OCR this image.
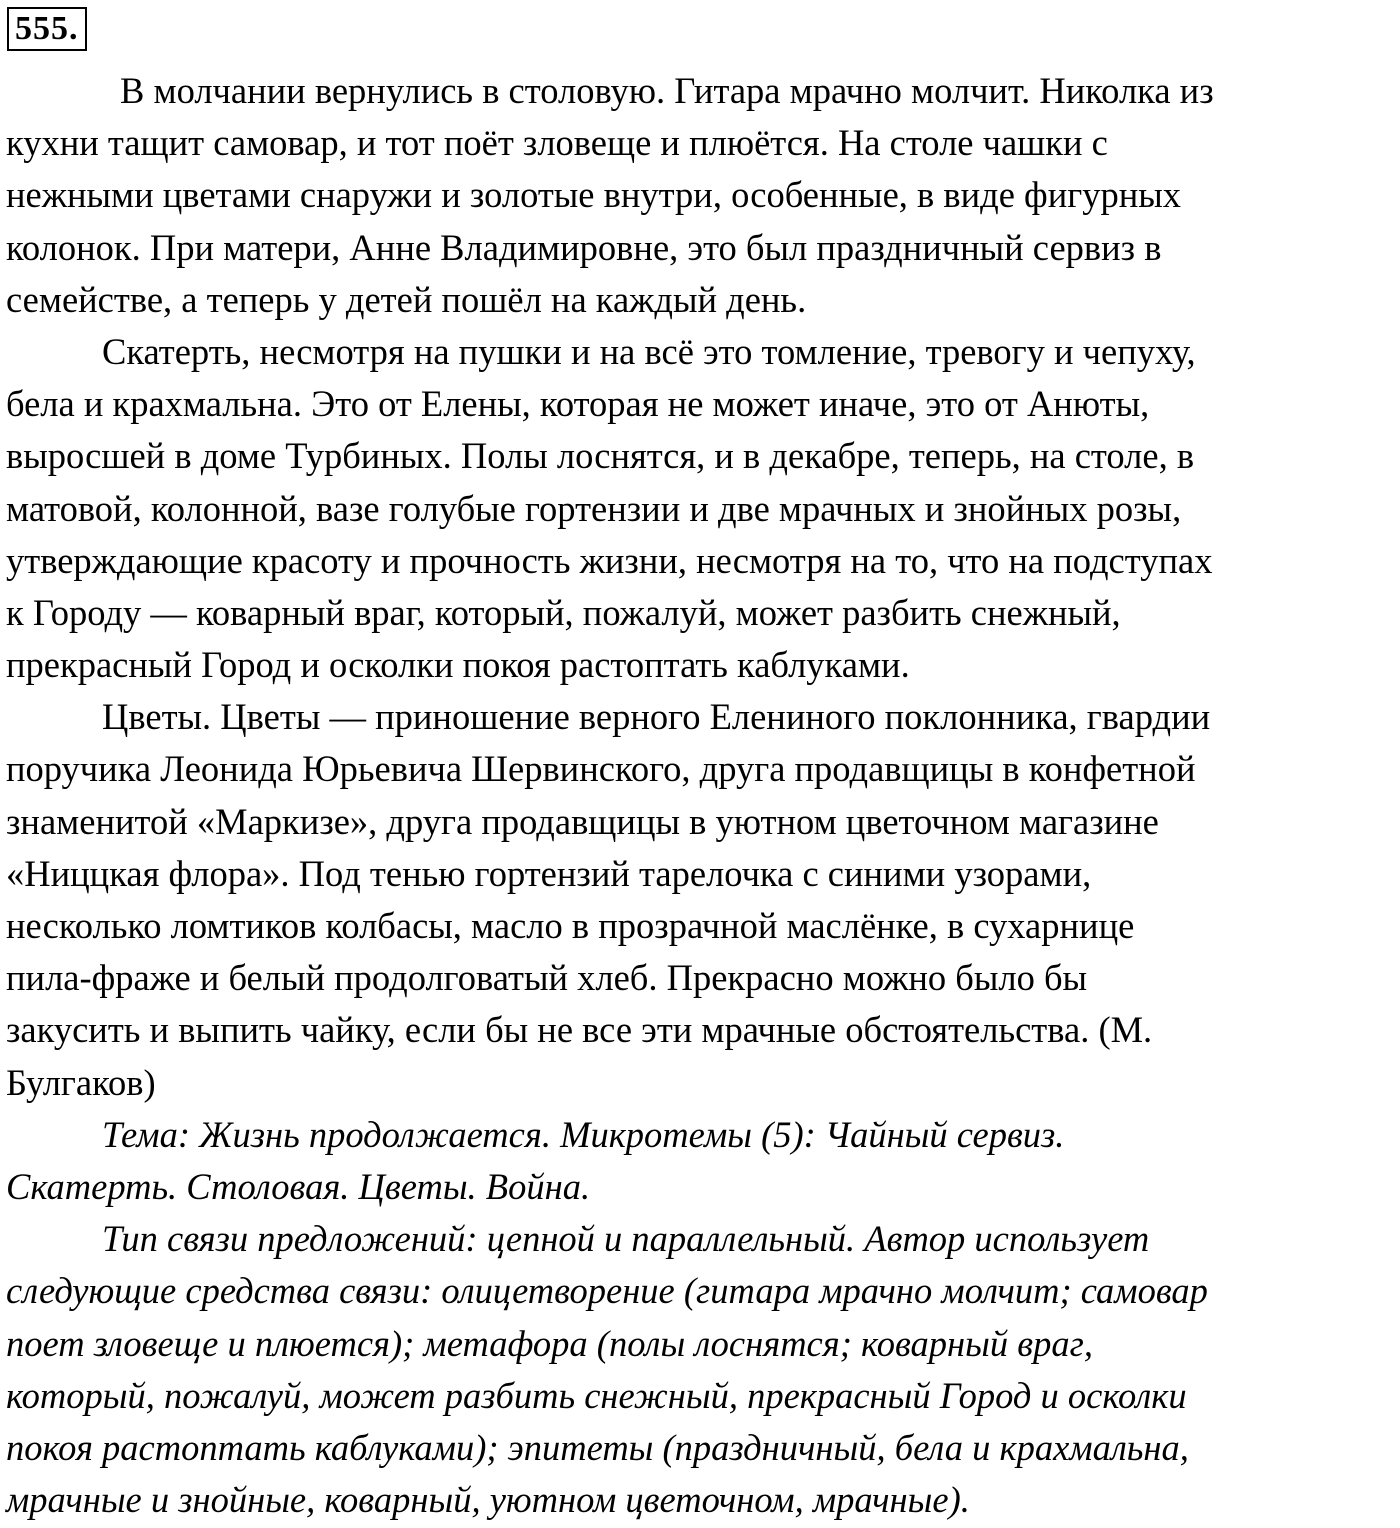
555.
В молчании вернулись в столовую. Гитара мрачно молчит. Николка из
кухни тащит самовар, и тот поёт зловеще и плюётся. На столе чашки с
нежными цветами снаружи и золотые внутри, особенные, в виде фигурных
колонок. При матери, Анне Владимировне, это был праздничный сервиз в
семействе, а теперь у детей пошёл на каждый день.
Скатерть, несмотря на пушки и на всё это томление, тревогу и чепуху,
бела и крахмальна. Это от Елены, которая не может иначе, это от Анюты,
выросшей в доме Турбиных. Полы лоснятся, и в декабре, теперь, на столе, в
матовой, колонной, вазе голубые гортензии и две мрачных и знойных розы,
утверждающие красоту и прочность жизни, несмотря на то, что на подступах
к Городу — коварный враг, который, пожалуй, может разбить снежный,
прекрасный Город и осколки покоя растоптать каблуками.
Цветы. Цветы — приношение верного Елениного поклонника, гвардии
поручика Леонида Юрьевича Шервинского, друга продавщицы в конфетной
знаменитой «Маркизе», друга продавщицы в уютном цветочном магазине
«Ниццкая флора». Под тенью гортензий тарелочка с синими узорами,
несколько ломтиков колбасы, масло в прозрачной маслёнке, в сухарнице
пила-фраже и белый продолговатый хлеб. Прекрасно можно было бы
закусить и выпить чайку, если бы не все эти мрачные обстоятельства. (М.
Булгаков)
Тема: Жизнь продолжается. Микротемы (5): Чайный сервиз.
Скатерть. Столовая. Цветы. Война.
Тип связи предложений: цепной и параллельный. Автор использует
следующие средства связи: олицетворение (гитара мрачно молчит; самовар
поет зловеще и плюется); метафора (полы лоснятся; коварный враг,
который, пожалуй, может разбить снежный, прекрасный Город и осколки
покоя растоптать каблуками); эпитеты (праздничный, бела и крахмальна,
мрачные и знойные, коварный, уютном цветочном, мрачные).
